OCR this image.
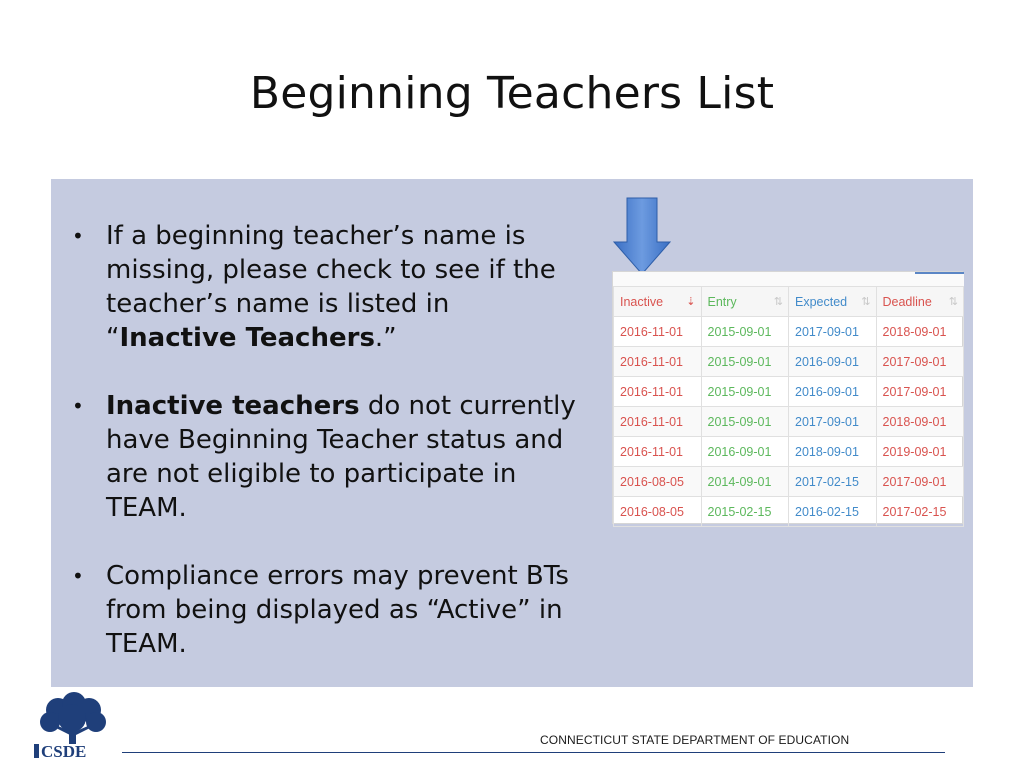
Beginning Teachers List
• If a beginning teacher’s name is missing, please check to see if the teacher’s name is listed in “Inactive Teachers.”
• Inactive teachers do not currently have Beginning Teacher status and are not eligible to participate in TEAM.
• Compliance errors may prevent BTs from being displayed as “Active” in TEAM.
Inactive ⇣	Entry ⇅	Expected ⇅	Deadline ⇅

2016-11-01	2015-09-01	2017-09-01	2018-09-01
2016-11-01	2015-09-01	2016-09-01	2017-09-01
2016-11-01	2015-09-01	2016-09-01	2017-09-01
2016-11-01	2015-09-01	2017-09-01	2018-09-01
2016-11-01	2016-09-01	2018-09-01	2019-09-01
2016-08-05	2014-09-01	2017-02-15	2017-09-01
2016-08-05	2015-02-15	2016-02-15	2017-02-15
CSDE
CONNECTICUT STATE DEPARTMENT OF EDUCATION
